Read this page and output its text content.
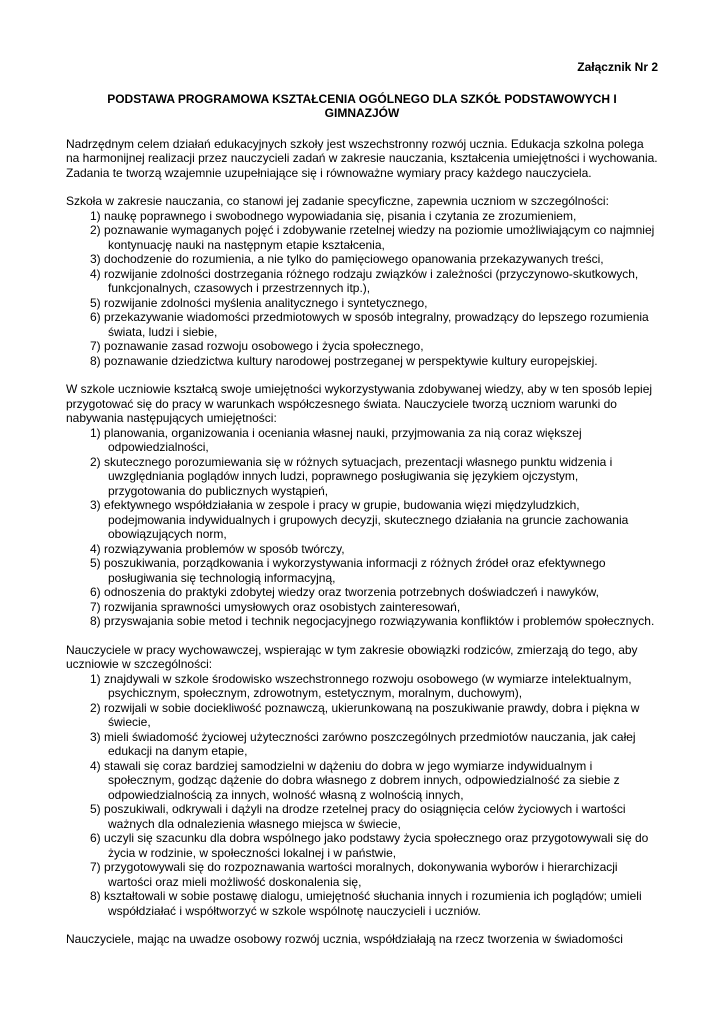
Załącznik Nr 2
PODSTAWA PROGRAMOWA KSZTAŁCENIA OGÓLNEGO DLA SZKÓŁ PODSTAWOWYCH I
GIMNAZJÓW

Nadrzędnym celem działań edukacyjnych szkoły jest wszechstronny rozwój ucznia. Edukacja szkolna polega na harmonijnej realizacji przez nauczycieli zadań w zakresie nauczania, kształcenia umiejętności i wychowania. Zadania te tworzą wzajemnie uzupełniające się i równoważne wymiary pracy każdego nauczyciela.

Szkoła w zakresie nauczania, co stanowi jej zadanie specyficzne, zapewnia uczniom w szczególności:

1) naukę poprawnego i swobodnego wypowiadania się, pisania i czytania ze zrozumieniem,
2) poznawanie wymaganych pojęć i zdobywanie rzetelnej wiedzy na poziomie umożliwiającym co najmniej kontynuację nauki na następnym etapie kształcenia,
3) dochodzenie do rozumienia, a nie tylko do pamięciowego opanowania przekazywanych treści,
4) rozwijanie zdolności dostrzegania różnego rodzaju związków i zależności (przyczynowo-skutkowych, funkcjonalnych, czasowych i przestrzennych itp.),
5) rozwijanie zdolności myślenia analitycznego i syntetycznego,
6) przekazywanie wiadomości przedmiotowych w sposób integralny, prowadzący do lepszego rozumienia świata, ludzi i siebie,
7) poznawanie zasad rozwoju osobowego i życia społecznego,
8) poznawanie dziedzictwa kultury narodowej postrzeganej w perspektywie kultury europejskiej.

W szkole uczniowie kształcą swoje umiejętności wykorzystywania zdobywanej wiedzy, aby w ten sposób lepiej przygotować się do pracy w warunkach współczesnego świata. Nauczyciele tworzą uczniom warunki do nabywania następujących umiejętności:

1) planowania, organizowania i oceniania własnej nauki, przyjmowania za nią coraz większej odpowiedzialności,
2) skutecznego porozumiewania się w różnych sytuacjach, prezentacji własnego punktu widzenia i uwzględniania poglądów innych ludzi, poprawnego posługiwania się językiem ojczystym, przygotowania do publicznych wystąpień,
3) efektywnego współdziałania w zespole i pracy w grupie, budowania więzi międzyludzkich, podejmowania indywidualnych i grupowych decyzji, skutecznego działania na gruncie zachowania obowiązujących norm,
4) rozwiązywania problemów w sposób twórczy,
5) poszukiwania, porządkowania i wykorzystywania informacji z różnych źródeł oraz efektywnego posługiwania się technologią informacyjną,
6) odnoszenia do praktyki zdobytej wiedzy oraz tworzenia potrzebnych doświadczeń i nawyków,
7) rozwijania sprawności umysłowych oraz osobistych zainteresowań,
8) przyswajania sobie metod i technik negocjacyjnego rozwiązywania konfliktów i problemów społecznych.

Nauczyciele w pracy wychowawczej, wspierając w tym zakresie obowiązki rodziców, zmierzają do tego, aby uczniowie w szczególności:

1) znajdywali w szkole środowisko wszechstronnego rozwoju osobowego (w wymiarze intelektualnym, psychicznym, społecznym, zdrowotnym, estetycznym, moralnym, duchowym),
2) rozwijali w sobie dociekliwość poznawczą, ukierunkowaną na poszukiwanie prawdy, dobra i piękna w świecie,
3) mieli świadomość życiowej użyteczności zarówno poszczególnych przedmiotów nauczania, jak całej edukacji na danym etapie,
4) stawali się coraz bardziej samodzielni w dążeniu do dobra w jego wymiarze indywidualnym i społecznym, godząc dążenie do dobra własnego z dobrem innych, odpowiedzialność za siebie z odpowiedzialnością za innych, wolność własną z wolnością innych,
5) poszukiwali, odkrywali i dążyli na drodze rzetelnej pracy do osiągnięcia celów życiowych i wartości ważnych dla odnalezienia własnego miejsca w świecie,
6) uczyli się szacunku dla dobra wspólnego jako podstawy życia społecznego oraz przygotowywali się do życia w rodzinie, w społeczności lokalnej i w państwie,
7) przygotowywali się do rozpoznawania wartości moralnych, dokonywania wyborów i hierarchizacji wartości oraz mieli możliwość doskonalenia się,
8) kształtowali w sobie postawę dialogu, umiejętność słuchania innych i rozumienia ich poglądów; umieli współdziałać i współtworzyć w szkole wspólnotę nauczycieli i uczniów.

Nauczyciele, mając na uwadze osobowy rozwój ucznia, współdziałają na rzecz tworzenia w świadomości
